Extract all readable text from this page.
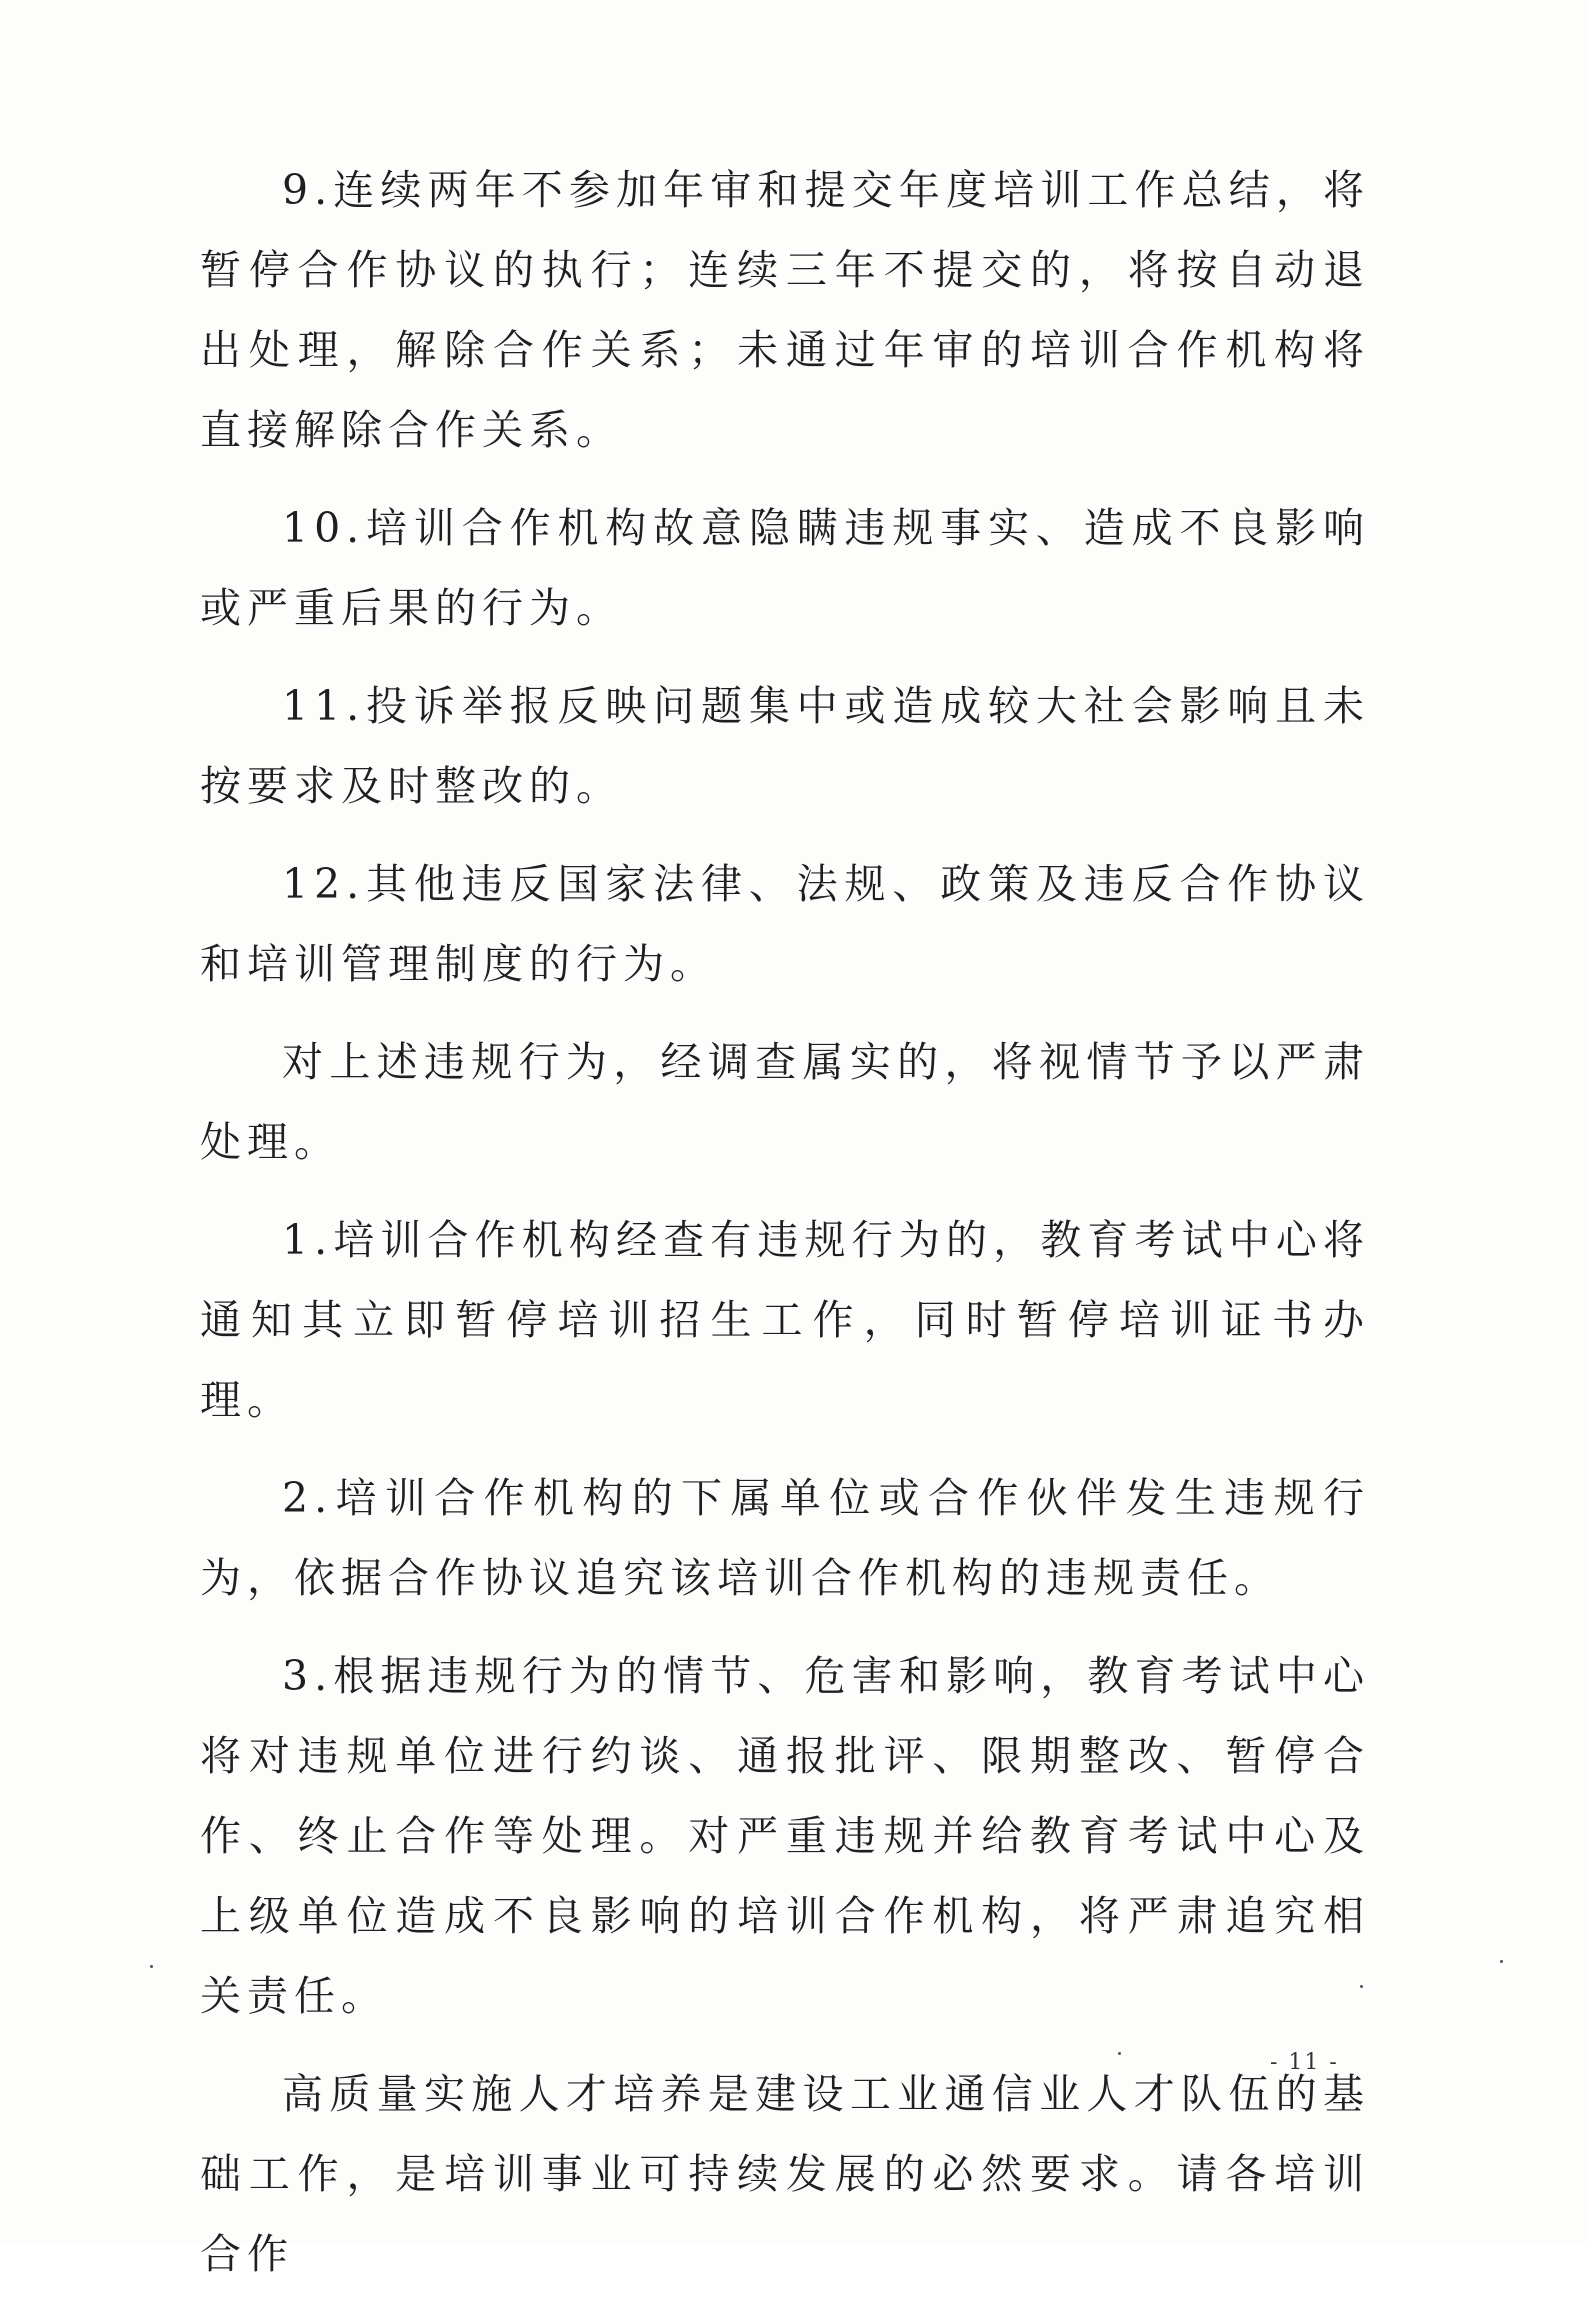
9.连续两年不参加年审和提交年度培训工作总结，将暂停合作协议的执行；连续三年不提交的，将按自动退出处理，解除合作关系；未通过年审的培训合作机构将直接解除合作关系。

10.培训合作机构故意隐瞒违规事实、造成不良影响或严重后果的行为。

11.投诉举报反映问题集中或造成较大社会影响且未按要求及时整改的。

12.其他违反国家法律、法规、政策及违反合作协议和培训管理制度的行为。

对上述违规行为，经调查属实的，将视情节予以严肃处理。

1.培训合作机构经查有违规行为的，教育考试中心将通知其立即暂停培训招生工作，同时暂停培训证书办理。

2.培训合作机构的下属单位或合作伙伴发生违规行为，依据合作协议追究该培训合作机构的违规责任。

3.根据违规行为的情节、危害和影响，教育考试中心将对违规单位进行约谈、通报批评、限期整改、暂停合作、终止合作等处理。对严重违规并给教育考试中心及上级单位造成不良影响的培训合作机构，将严肃追究相关责任。

高质量实施人才培养是建设工业通信业人才队伍的基础工作，是培训事业可持续发展的必然要求。请各培训合作

- 11 -
